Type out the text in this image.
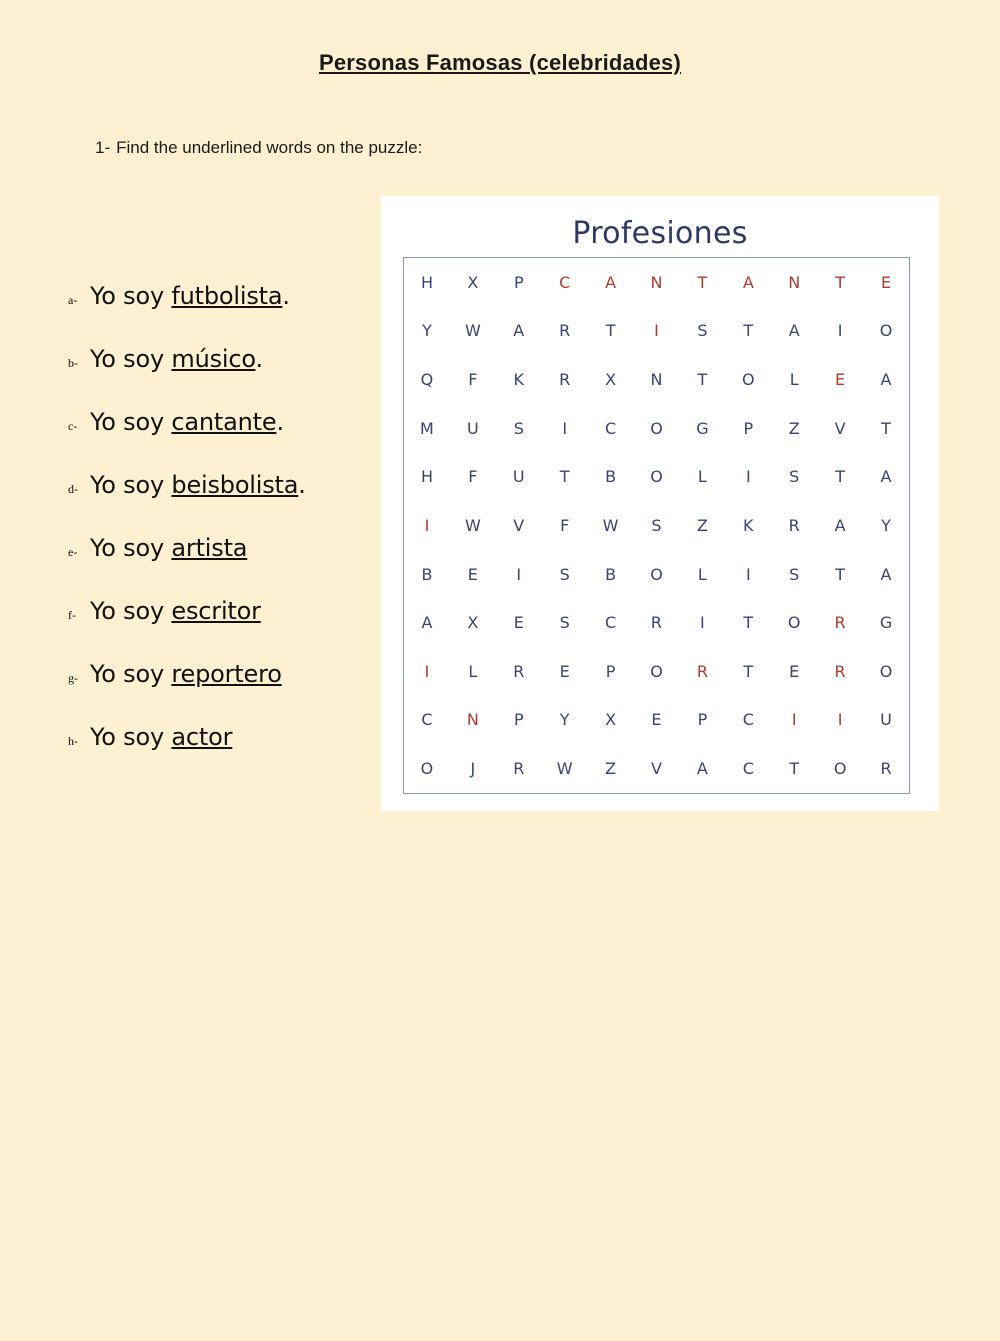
Personas Famosas (celebridades)
1- Find the underlined words on the puzzle:
a- Yo soy futbolista.
b- Yo soy músico.
c- Yo soy cantante.
d- Yo soy beisbolista.
e- Yo soy artista
f- Yo soy escritor
g- Yo soy reportero
h- Yo soy actor
Profesiones
H	X	P	C	A	N	T	A	N	T	E
Y	W	A	R	T	I	S	T	A	I	O
Q	F	K	R	X	N	T	O	L	E	A
M	U	S	I	C	O	G	P	Z	V	T
H	F	U	T	B	O	L	I	S	T	A
I	W	V	F	W	S	Z	K	R	A	Y
B	E	I	S	B	O	L	I	S	T	A
A	X	E	S	C	R	I	T	O	R	G
I	L	R	E	P	O	R	T	E	R	O
C	N	P	Y	X	E	P	C	I	I	U
O	J	R	W	Z	V	A	C	T	O	R
